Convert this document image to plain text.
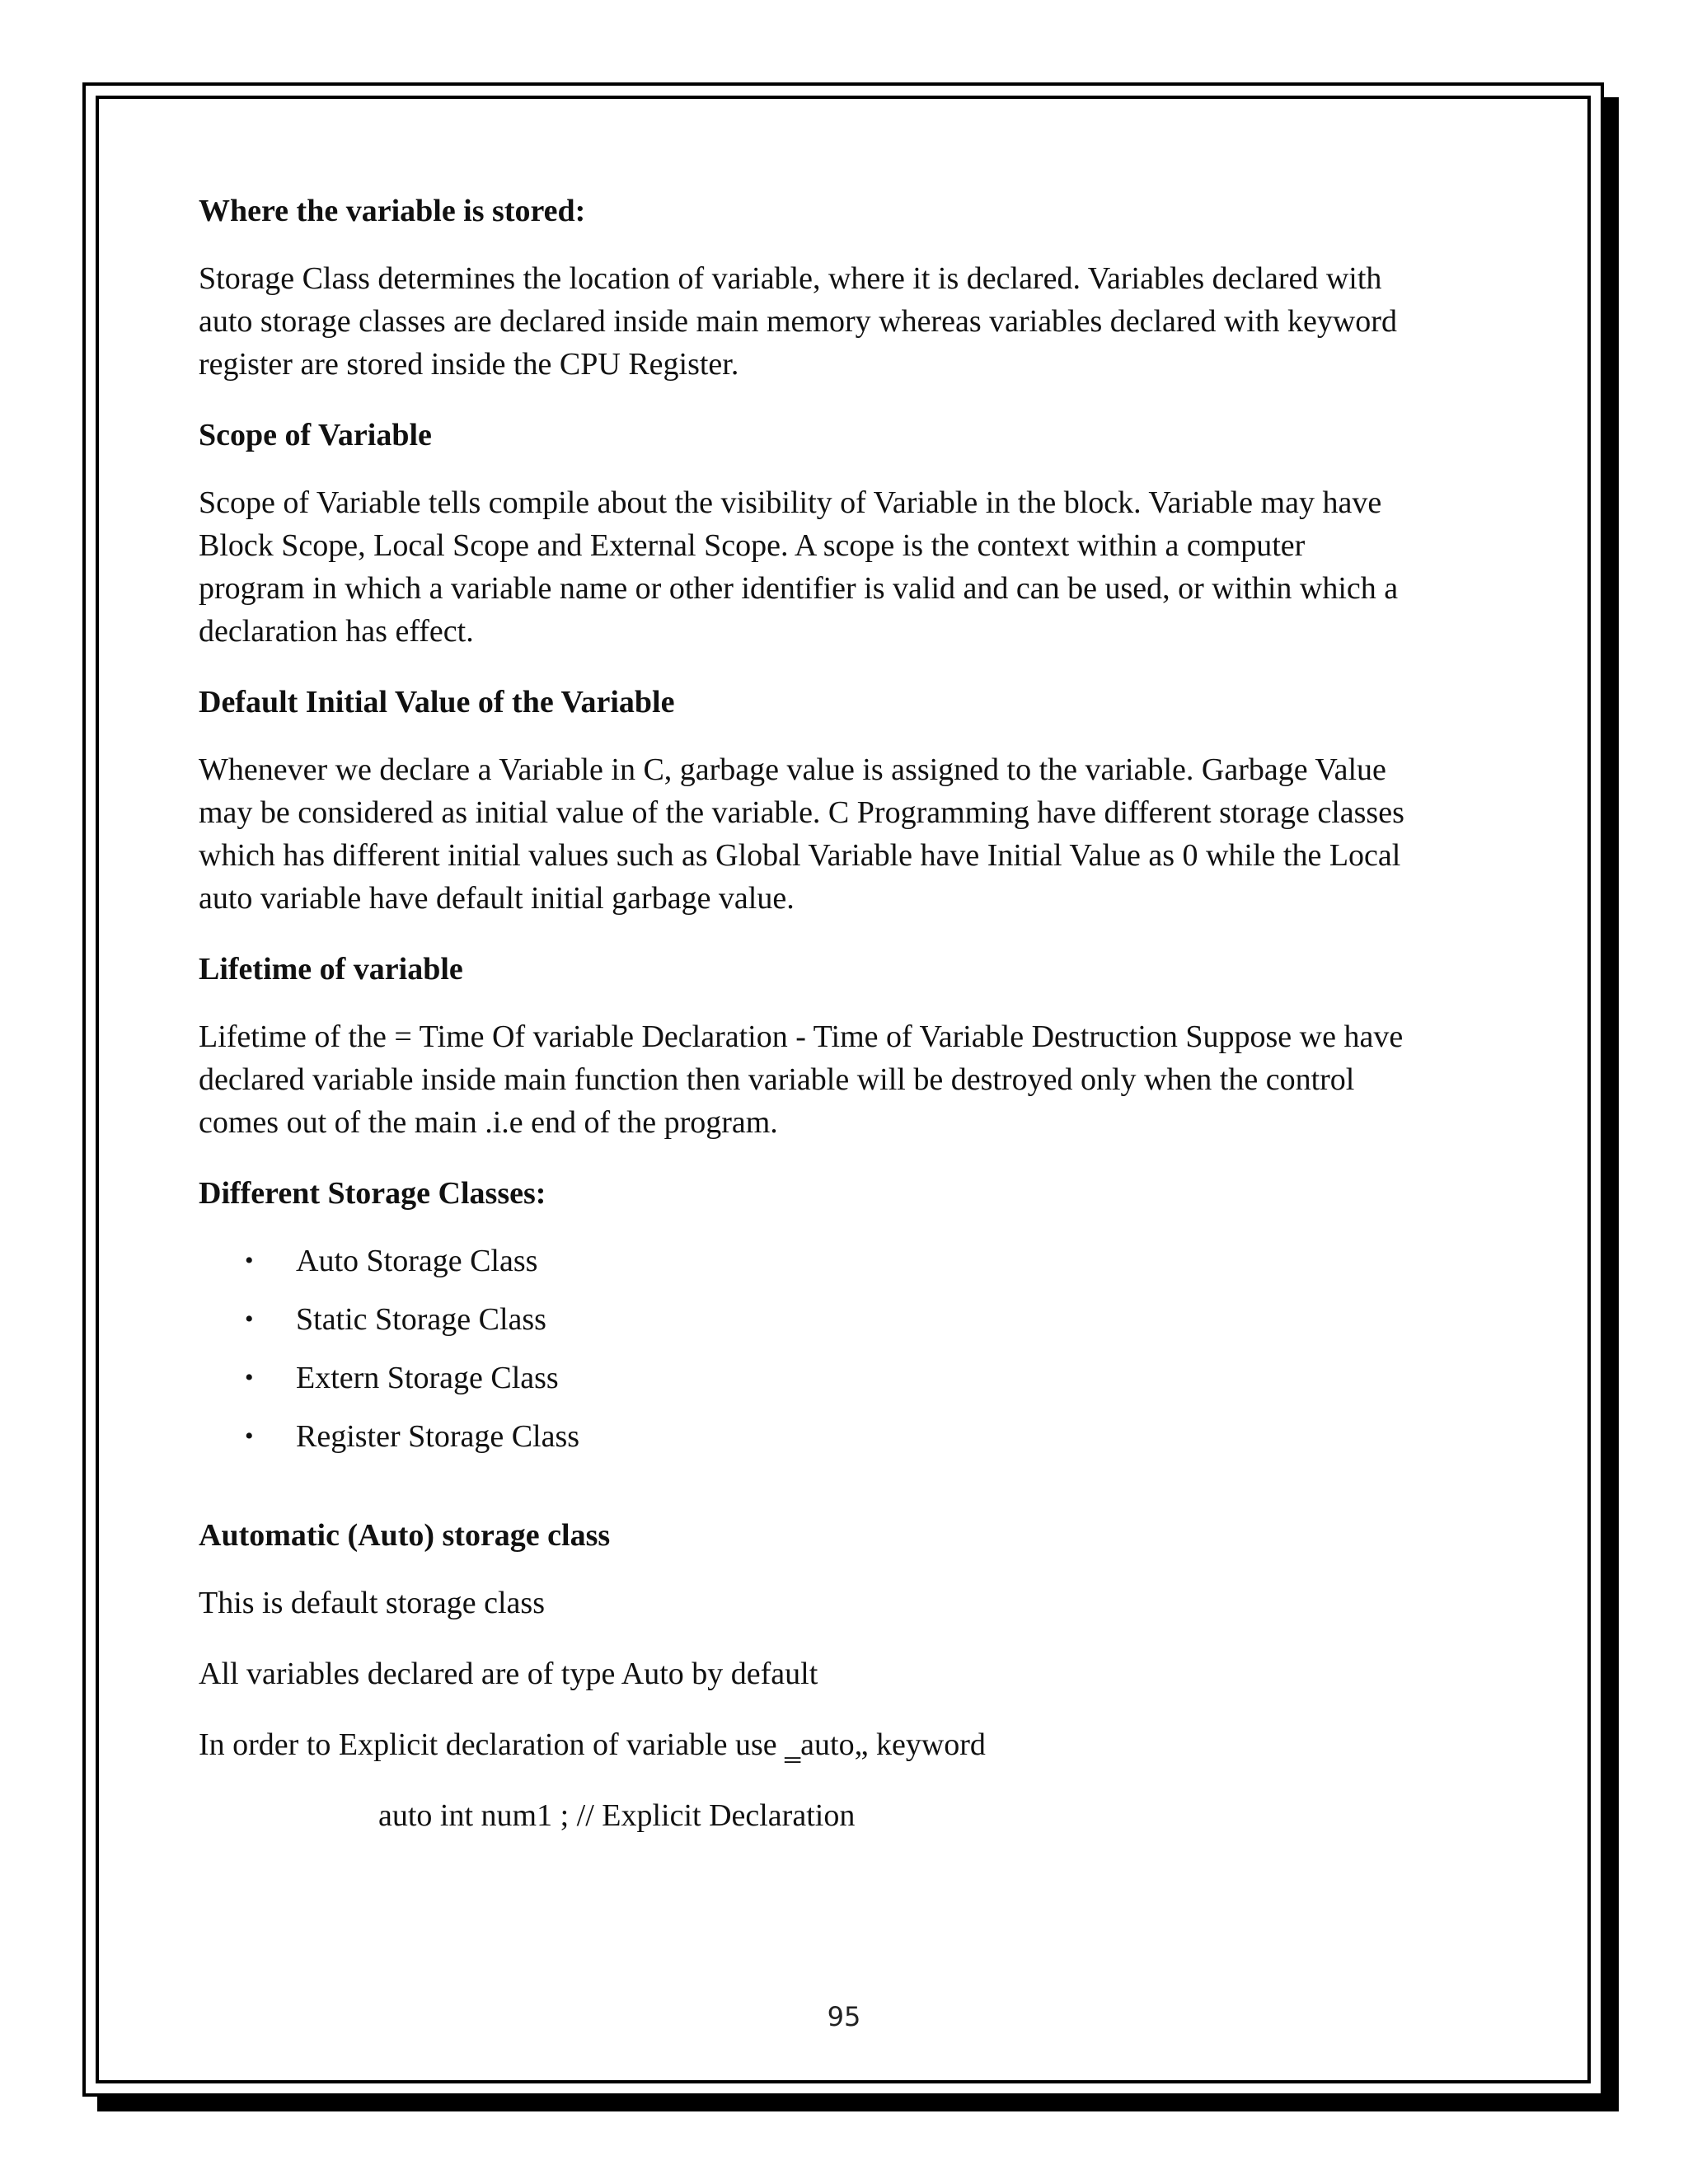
Where the variable is stored:
Storage Class determines the location of variable, where it is declared. Variables declared with
auto storage classes are declared inside main memory whereas variables declared with keyword
register are stored inside the CPU Register.
Scope of Variable
Scope of Variable tells compile about the visibility of Variable in the block. Variable may have
Block Scope, Local Scope and External Scope. A scope is the context within a computer
program in which a variable name or other identifier is valid and can be used, or within which a
declaration has effect.
Default Initial Value of the Variable
Whenever we declare a Variable in C, garbage value is assigned to the variable. Garbage Value
may be considered as initial value of the variable. C Programming have different storage classes
which has different initial values such as Global Variable have Initial Value as 0 while the Local
auto variable have default initial garbage value.
Lifetime of variable
Lifetime of the = Time Of variable Declaration - Time of Variable Destruction Suppose we have
declared variable inside main function then variable will be destroyed only when the control
comes out of the main .i.e end of the program.
Different Storage Classes:
• Auto Storage Class
• Static Storage Class
• Extern Storage Class
• Register Storage Class
Automatic (Auto) storage class
This is default storage class
All variables declared are of type Auto by default
In order to Explicit declaration of variable use ‗auto„ keyword
auto int num1 ; // Explicit Declaration
95
